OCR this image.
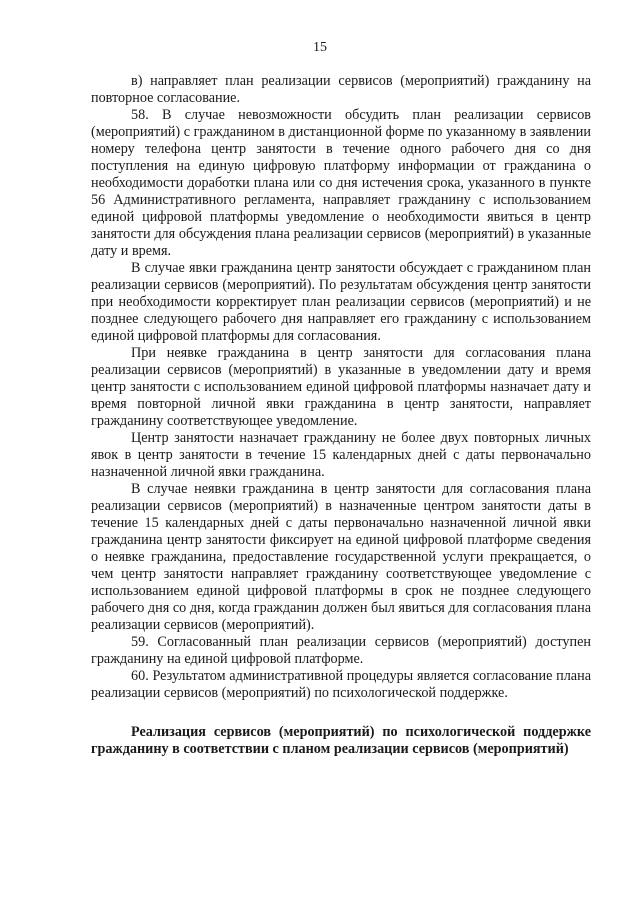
15

в) направляет план реализации сервисов (мероприятий) гражданину на повторное согласование.

58. В случае невозможности обсудить план реализации сервисов (мероприятий) с гражданином в дистанционной форме по указанному в заявлении номеру телефона центр занятости в течение одного рабочего дня со дня поступления на единую цифровую платформу информации от гражданина о необходимости доработки плана или со дня истечения срока, указанного в пункте 56 Административного регламента, направляет гражданину с использованием единой цифровой платформы уведомление о необходимости явиться в центр занятости для обсуждения плана реализации сервисов (мероприятий) в указанные дату и время.

В случае явки гражданина центр занятости обсуждает с гражданином план реализации сервисов (мероприятий). По результатам обсуждения центр занятости при необходимости корректирует план реализации сервисов (мероприятий) и не позднее следующего рабочего дня направляет его гражданину с использованием единой цифровой платформы для согласования.

При неявке гражданина в центр занятости для согласования плана реализации сервисов (мероприятий) в указанные в уведомлении дату и время центр занятости с использованием единой цифровой платформы назначает дату и время повторной личной явки гражданина в центр занятости, направляет гражданину соответствующее уведомление.

Центр занятости назначает гражданину не более двух повторных личных явок в центр занятости в течение 15 календарных дней с даты первоначально назначенной личной явки гражданина.

В случае неявки гражданина в центр занятости для согласования плана реализации сервисов (мероприятий) в назначенные центром занятости даты в течение 15 календарных дней с даты первоначально назначенной личной явки гражданина центр занятости фиксирует на единой цифровой платформе сведения о неявке гражданина, предоставление государственной услуги прекращается, о чем центр занятости направляет гражданину соответствующее уведомление с использованием единой цифровой платформы в срок не позднее следующего рабочего дня со дня, когда гражданин должен был явиться для согласования плана реализации сервисов (мероприятий).

59. Согласованный план реализации сервисов (мероприятий) доступен гражданину на единой цифровой платформе.

60. Результатом административной процедуры является согласование плана реализации сервисов (мероприятий) по психологической поддержке.

Реализация сервисов (мероприятий) по психологической поддержке гражданину в соответствии с планом реализации сервисов (мероприятий)
